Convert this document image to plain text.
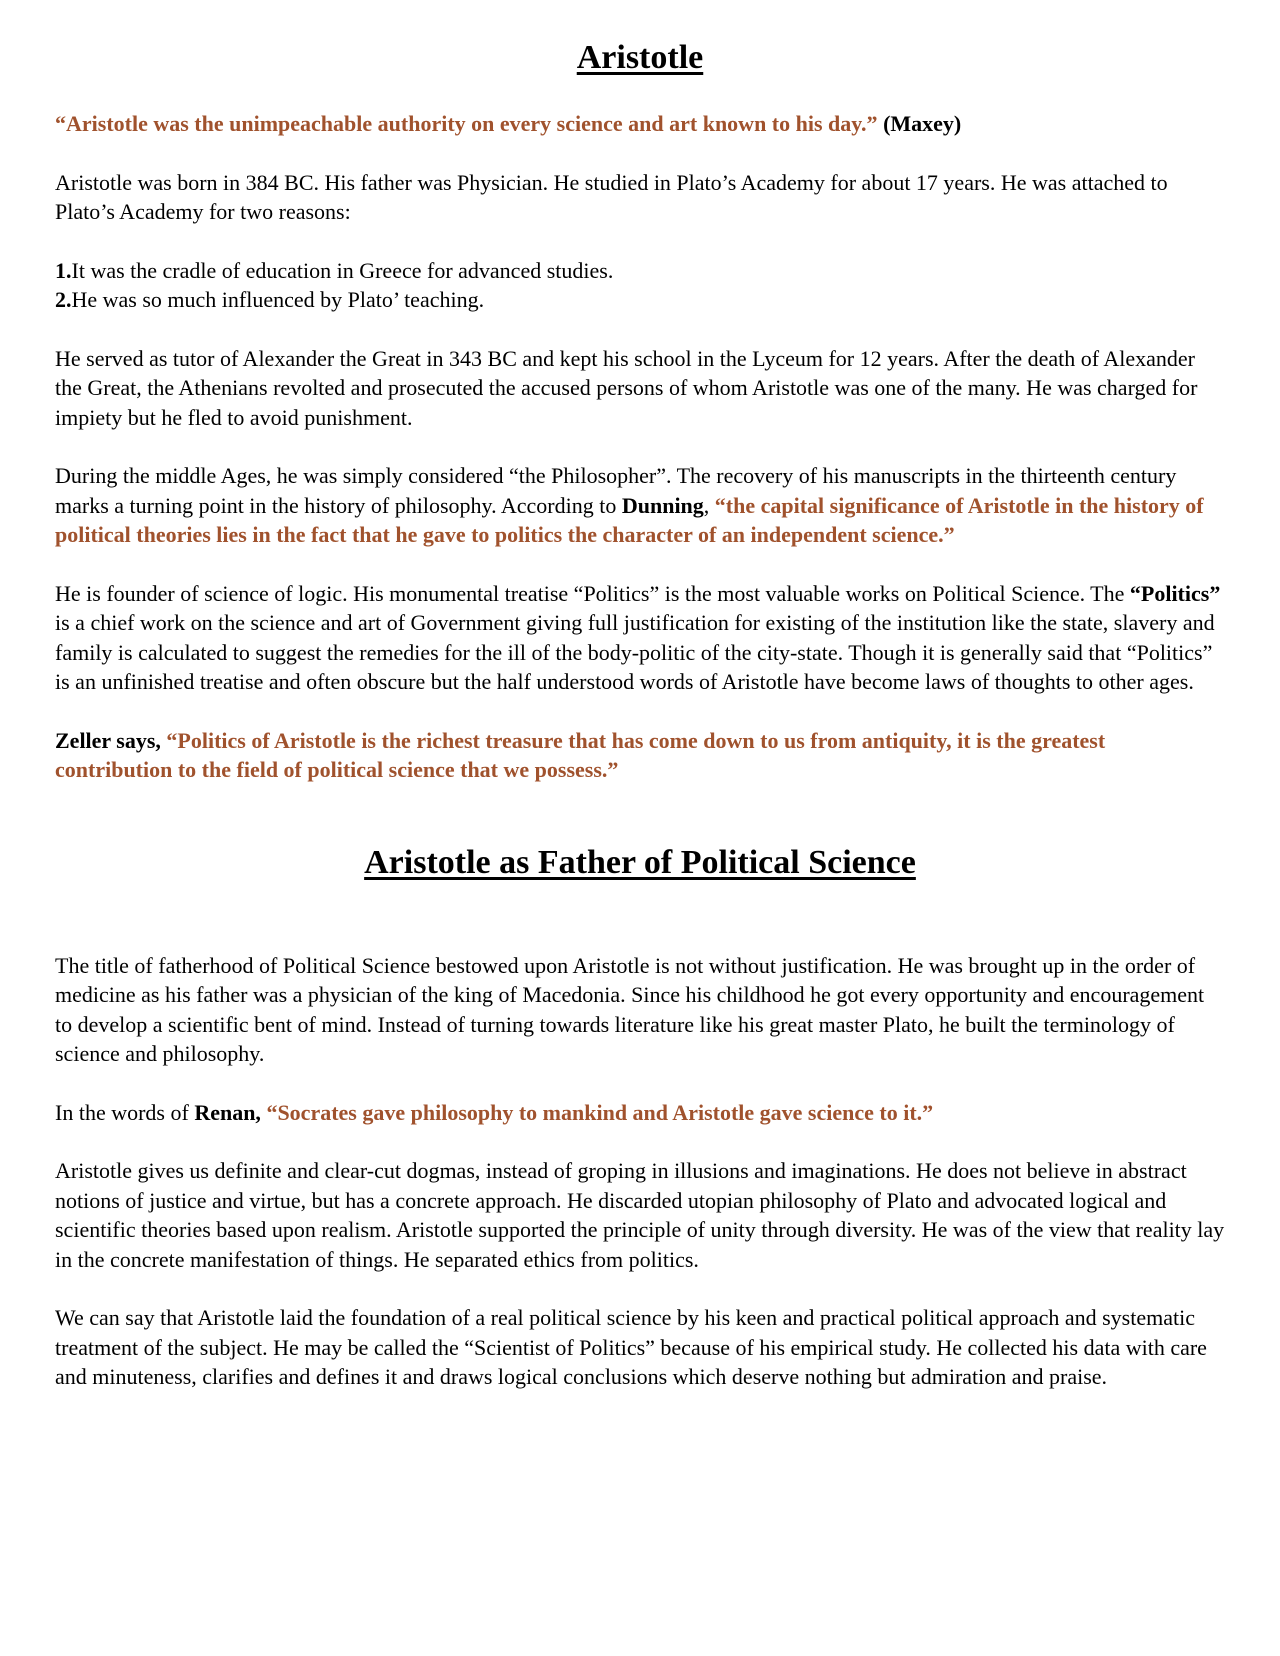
Aristotle

“Aristotle was the unimpeachable authority on every science and art known to his day.” (Maxey)

Aristotle was born in 384 BC. His father was Physician. He studied in Plato’s Academy for about 17 years. He was attached to Plato’s Academy for two reasons:

1.It was the cradle of education in Greece for advanced studies.
2.He was so much influenced by Plato’ teaching.

He served as tutor of Alexander the Great in 343 BC and kept his school in the Lyceum for 12 years. After the death of Alexander the Great, the Athenians revolted and prosecuted the accused persons of whom Aristotle was one of the many. He was charged for impiety but he fled to avoid punishment.

During the middle Ages, he was simply considered “the Philosopher”. The recovery of his manuscripts in the thirteenth century marks a turning point in the history of philosophy. According to Dunning, “the capital significance of Aristotle in the history of political theories lies in the fact that he gave to politics the character of an independent science.”

He is founder of science of logic. His monumental treatise “Politics” is the most valuable works on Political Science. The “Politics” is a chief work on the science and art of Government giving full justification for existing of the institution like the state, slavery and family is calculated to suggest the remedies for the ill of the body-politic of the city-state. Though it is generally said that “Politics” is an unfinished treatise and often obscure but the half understood words of Aristotle have become laws of thoughts to other ages.

Zeller says, “Politics of Aristotle is the richest treasure that has come down to us from antiquity, it is the greatest contribution to the field of political science that we possess.”

Aristotle as Father of Political Science

The title of fatherhood of Political Science bestowed upon Aristotle is not without justification. He was brought up in the order of medicine as his father was a physician of the king of Macedonia. Since his childhood he got every opportunity and encouragement to develop a scientific bent of mind. Instead of turning towards literature like his great master Plato, he built the terminology of science and philosophy.

In the words of Renan, “Socrates gave philosophy to mankind and Aristotle gave science to it.”

Aristotle gives us definite and clear-cut dogmas, instead of groping in illusions and imaginations. He does not believe in abstract notions of justice and virtue, but has a concrete approach. He discarded utopian philosophy of Plato and advocated logical and scientific theories based upon realism. Aristotle supported the principle of unity through diversity. He was of the view that reality lay in the concrete manifestation of things. He separated ethics from politics.

We can say that Aristotle laid the foundation of a real political science by his keen and practical political approach and systematic treatment of the subject. He may be called the “Scientist of Politics” because of his empirical study. He collected his data with care and minuteness, clarifies and defines it and draws logical conclusions which deserve nothing but admiration and praise.
